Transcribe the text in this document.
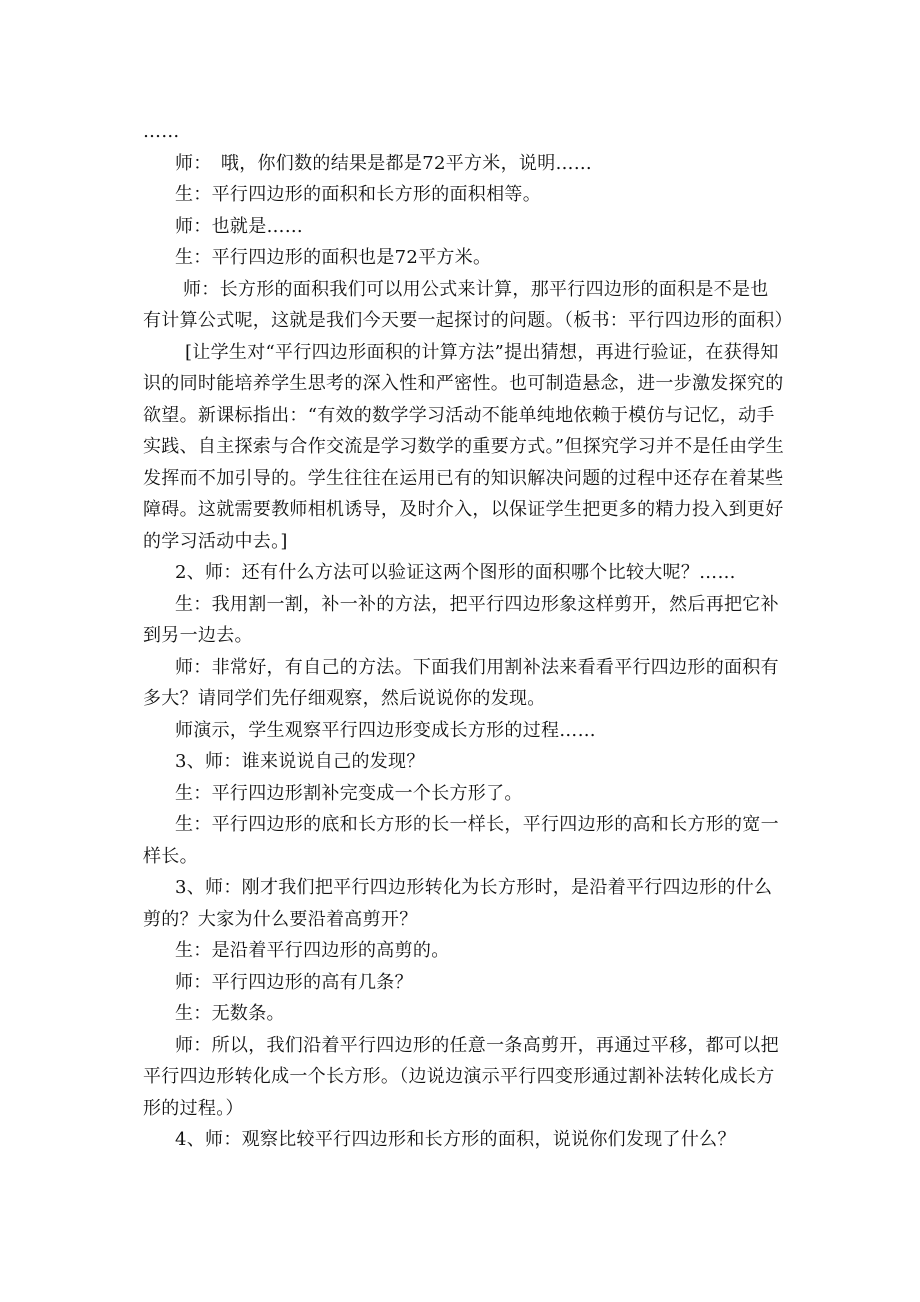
……

师：　哦，你们数的结果是都是72平方米，说明……

生：平行四边形的面积和长方形的面积相等。

师：也就是……

生：平行四边形的面积也是72平方米。

师：长方形的面积我们可以用公式来计算，那平行四边形的面积是不是也有计算公式呢，这就是我们今天要一起探讨的问题。（板书：平行四边形的面积）

[让学生对“平行四边形面积的计算方法”提出猜想，再进行验证，在获得知识的同时能培养学生思考的深入性和严密性。也可制造悬念，进一步激发探究的欲望。新课标指出：“有效的数学学习活动不能单纯地依赖于模仿与记忆，动手实践、自主探索与合作交流是学习数学的重要方式。”但探究学习并不是任由学生发挥而不加引导的。学生往往在运用已有的知识解决问题的过程中还存在着某些障碍。这就需要教师相机诱导，及时介入，以保证学生把更多的精力投入到更好的学习活动中去。]

2、师：还有什么方法可以验证这两个图形的面积哪个比较大呢？……

生：我用割一割，补一补的方法，把平行四边形象这样剪开，然后再把它补到另一边去。

师：非常好，有自己的方法。下面我们用割补法来看看平行四边形的面积有多大？请同学们先仔细观察，然后说说你的发现。

师演示，学生观察平行四边形变成长方形的过程……

3、师：谁来说说自己的发现？

生：平行四边形割补完变成一个长方形了。

生：平行四边形的底和长方形的长一样长，平行四边形的高和长方形的宽一样长。

3、师：刚才我们把平行四边形转化为长方形时，是沿着平行四边形的什么剪的？大家为什么要沿着高剪开？

生：是沿着平行四边形的高剪的。

师：平行四边形的高有几条？

生：无数条。

师：所以，我们沿着平行四边形的任意一条高剪开，再通过平移，都可以把平行四边形转化成一个长方形。（边说边演示平行四变形通过割补法转化成长方形的过程。）

4、师：观察比较平行四边形和长方形的面积，说说你们发现了什么？
